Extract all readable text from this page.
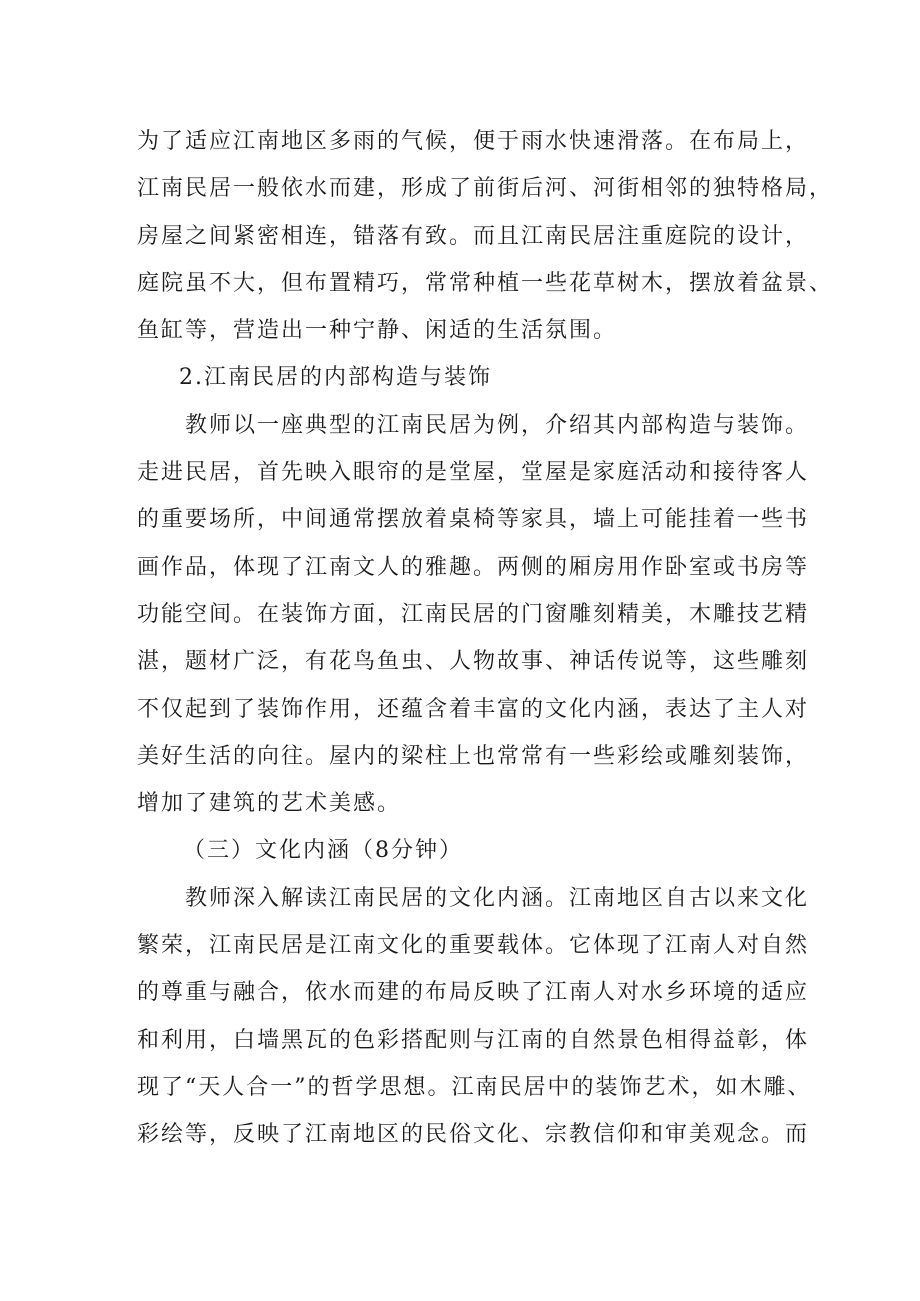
为了适应江南地区多雨的气候，便于雨水快速滑落。在布局上，
江南民居一般依水而建，形成了前街后河、河街相邻的独特格局，
房屋之间紧密相连，错落有致。而且江南民居注重庭院的设计，
庭院虽不大，但布置精巧，常常种植一些花草树木，摆放着盆景、
鱼缸等，营造出一种宁静、闲适的生活氛围。
2.江南民居的内部构造与装饰
教师以一座典型的江南民居为例，介绍其内部构造与装饰。
走进民居，首先映入眼帘的是堂屋，堂屋是家庭活动和接待客人
的重要场所，中间通常摆放着桌椅等家具，墙上可能挂着一些书
画作品，体现了江南文人的雅趣。两侧的厢房用作卧室或书房等
功能空间。在装饰方面，江南民居的门窗雕刻精美，木雕技艺精
湛，题材广泛，有花鸟鱼虫、人物故事、神话传说等，这些雕刻
不仅起到了装饰作用，还蕴含着丰富的文化内涵，表达了主人对
美好生活的向往。屋内的梁柱上也常常有一些彩绘或雕刻装饰，
增加了建筑的艺术美感。
（三）文化内涵（8分钟）
教师深入解读江南民居的文化内涵。江南地区自古以来文化
繁荣，江南民居是江南文化的重要载体。它体现了江南人对自然
的尊重与融合，依水而建的布局反映了江南人对水乡环境的适应
和利用，白墙黑瓦的色彩搭配则与江南的自然景色相得益彰，体
现了“天人合一”的哲学思想。江南民居中的装饰艺术，如木雕、
彩绘等，反映了江南地区的民俗文化、宗教信仰和审美观念。而
